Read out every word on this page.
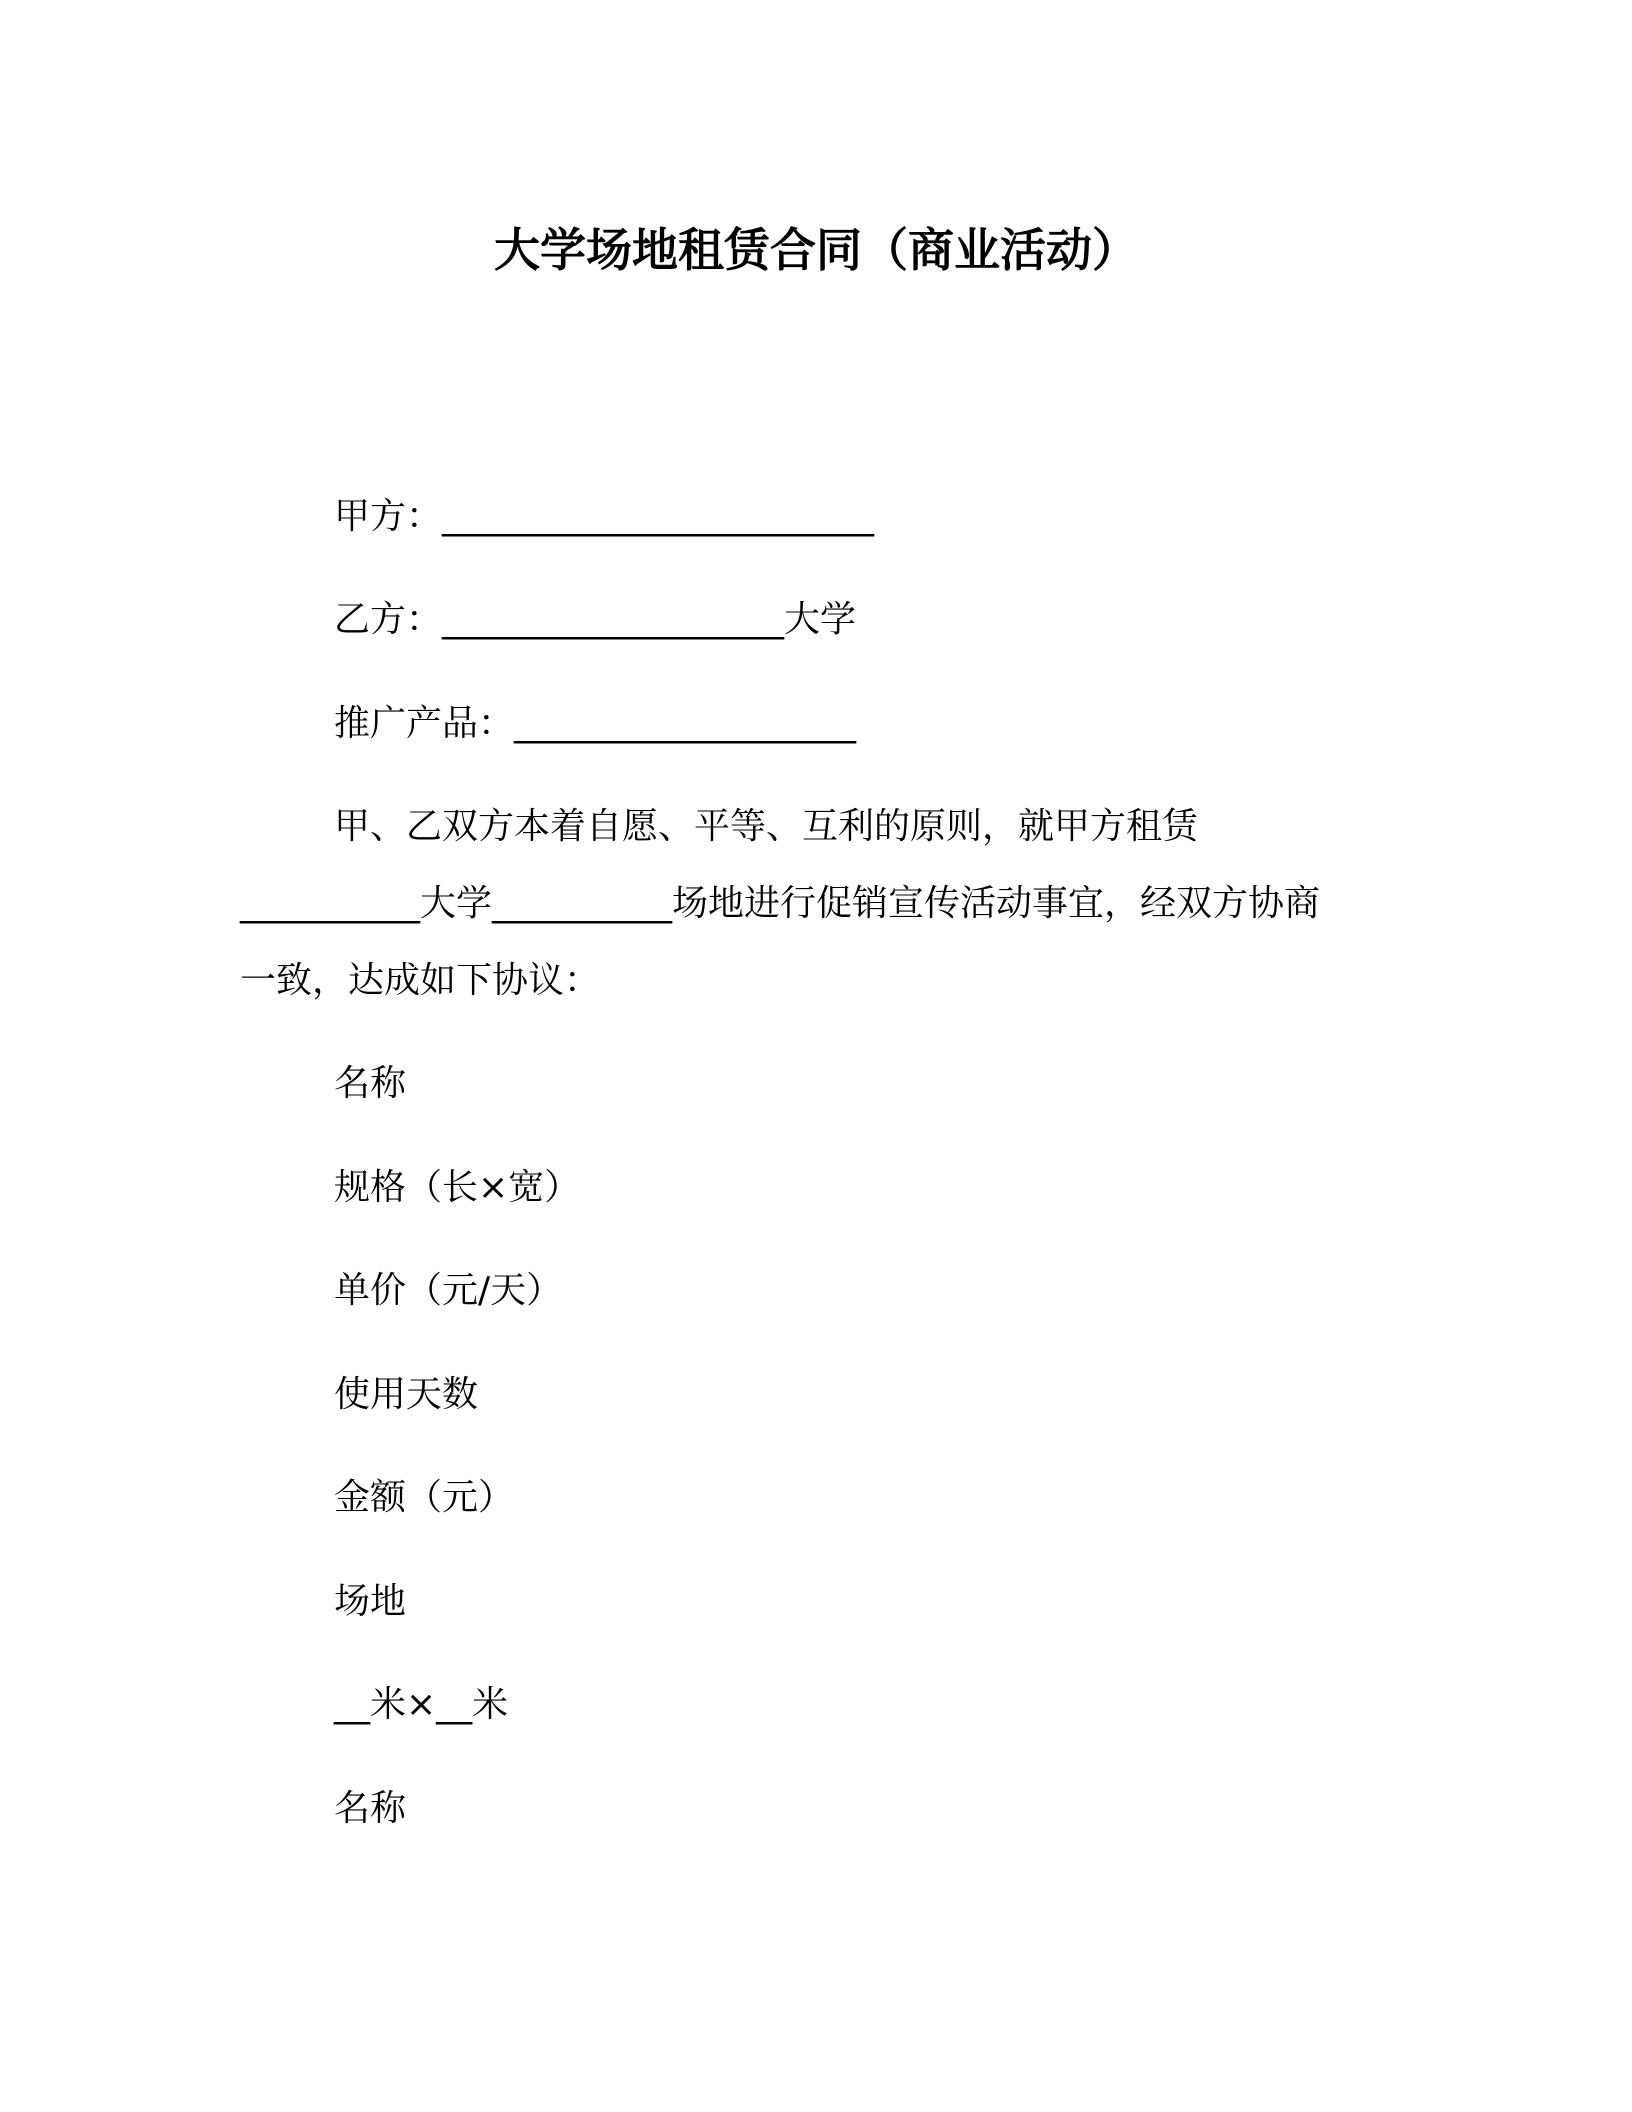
大学场地租赁合同（商业活动）
甲方：________________________
乙方：___________________大学
推广产品：___________________
甲、乙双方本着自愿、平等、互利的原则，就甲方租赁
__________大学__________场地进行促销宣传活动事宜，经双方协商
一致，达成如下协议：
名称
规格（长×宽）
单价（元/天）
使用天数
金额（元）
场地
__米×__米
名称
